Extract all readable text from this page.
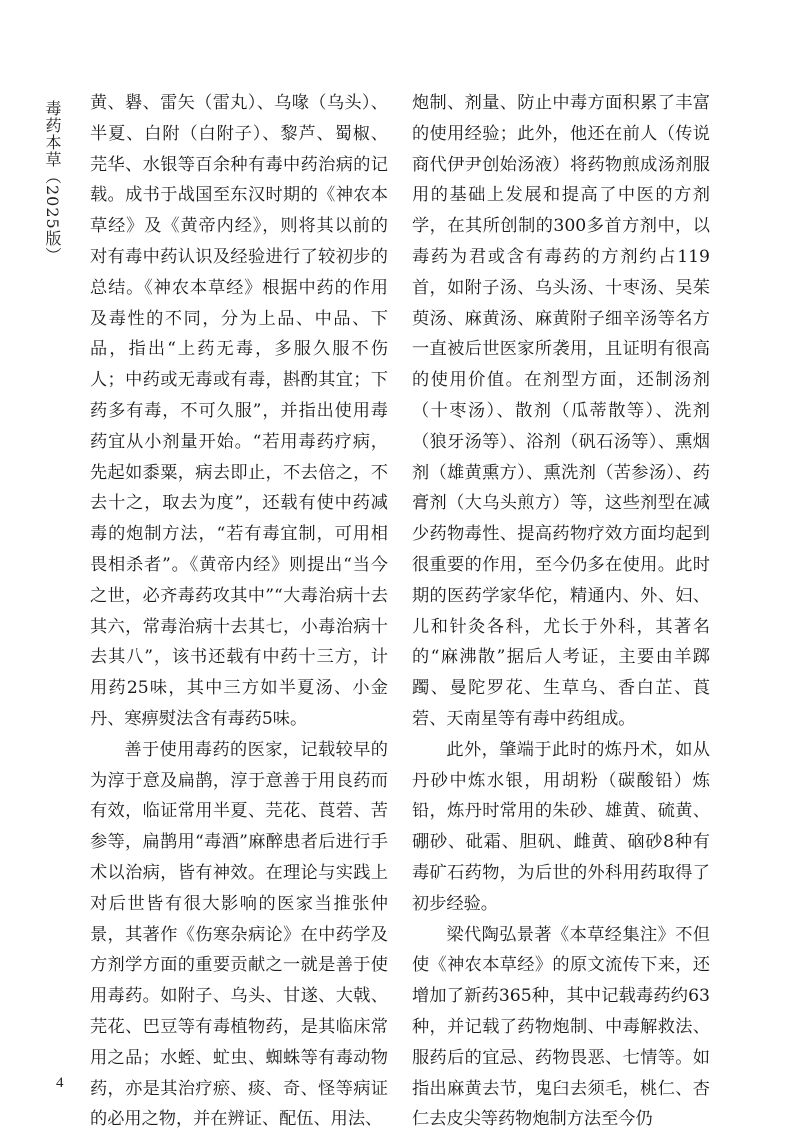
毒药本草（2025版） 黄、礜、雷矢（雷丸）、乌喙（乌头）、半夏、白附（白附子）、黎芦、蜀椒、芫华、水银等百余种有毒中药治病的记载。成书于战国至东汉时期的《神农本草经》及《黄帝内经》，则将其以前的对有毒中药认识及经验进行了较初步的总结。《神农本草经》根据中药的作用及毒性的不同，分为上品、中品、下品，指出“上药无毒，多服久服不伤人；中药或无毒或有毒，斟酌其宜；下药多有毒，不可久服”，并指出使用毒药宜从小剂量开始。“若用毒药疗病，先起如黍粟，病去即止，不去倍之，不去十之，取去为度”，还载有使中药减毒的炮制方法，“若有毒宜制，可用相畏相杀者”。《黄帝内经》则提出“当今之世，必齐毒药攻其中”“大毒治病十去其六，常毒治病十去其七，小毒治病十去其八”，该书还载有中药十三方，计用药25味，其中三方如半夏汤、小金丹、寒痹熨法含有毒药5味。

善于使用毒药的医家，记载较早的为淳于意及扁鹊，淳于意善于用良药而有效，临证常用半夏、芫花、莨菪、苦参等，扁鹊用“毒酒”麻醉患者后进行手术以治病，皆有神效。在理论与实践上对后世皆有很大影响的医家当推张仲景，其著作《伤寒杂病论》在中药学及方剂学方面的重要贡献之一就是善于使用毒药。如附子、乌头、甘遂、大戟、芫花、巴豆等有毒植物药，是其临床常用之品；水蛭、虻虫、蜘蛛等有毒动物药，亦是其治疗瘀、痰、奇、怪等病证的必用之物，并在辨证、配伍、用法、

炮制、剂量、防止中毒方面积累了丰富的使用经验；此外，他还在前人（传说商代伊尹创始汤液）将药物煎成汤剂服用的基础上发展和提高了中医的方剂学，在其所创制的300多首方剂中，以毒药为君或含有毒药的方剂约占119首，如附子汤、乌头汤、十枣汤、吴茱萸汤、麻黄汤、麻黄附子细辛汤等名方一直被后世医家所袭用，且证明有很高的使用价值。在剂型方面，还制汤剂（十枣汤）、散剂（瓜蒂散等）、洗剂（狼牙汤等）、浴剂（矾石汤等）、熏烟剂（雄黄熏方）、熏洗剂（苦参汤）、药膏剂（大乌头煎方）等，这些剂型在减少药物毒性、提高药物疗效方面均起到很重要的作用，至今仍多在使用。此时期的医药学家华佗，精通内、外、妇、儿和针灸各科，尤长于外科，其著名的“麻沸散”据后人考证，主要由羊踯躅、曼陀罗花、生草乌、香白芷、莨菪、天南星等有毒中药组成。

此外，肇端于此时的炼丹术，如从丹砂中炼水银，用胡粉（碳酸铅）炼铅，炼丹时常用的朱砂、雄黄、硫黄、硼砂、砒霜、胆矾、雌黄、硇砂8种有毒矿石药物，为后世的外科用药取得了初步经验。

梁代陶弘景著《本草经集注》不但使《神农本草经》的原文流传下来，还增加了新药365种，其中记载毒药约63种，并记载了药物炮制、中毒解救法、服药后的宜忌、药物畏恶、七情等。如指出麻黄去节，鬼臼去须毛，桃仁、杏仁去皮尖等药物炮制方法至今仍

4
